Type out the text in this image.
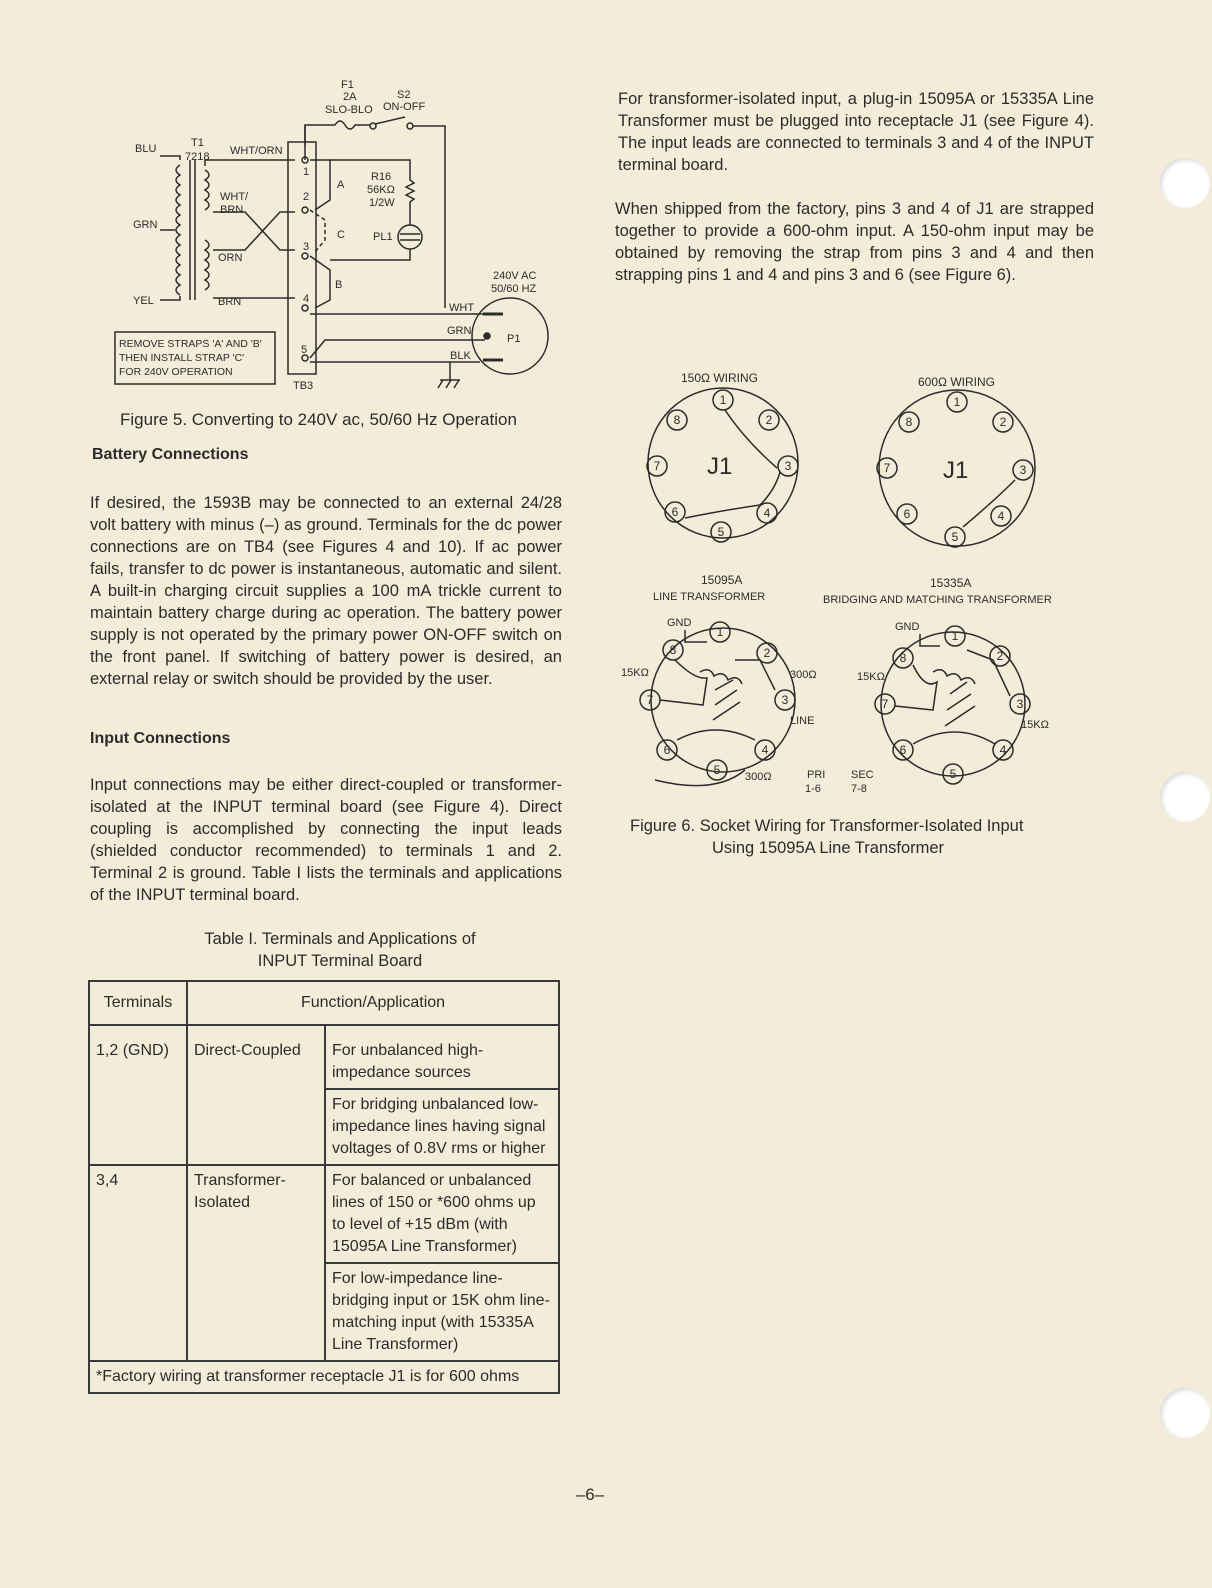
F1
2A
SLO-BLO
S2
ON-OFF
T1
7218
BLU
GRN
YEL
WHT/ORN
WHT/
BRN
ORN
BRN
1
2
3
4
5
A
B
C
R16
56KΩ
1/2W
PL1
240V AC
50/60 HZ
WHT
GRN
BLK
P1
REMOVE STRAPS 'A' AND 'B'
THEN INSTALL STRAP 'C'
FOR 240V OPERATION
TB3
Figure 5. Converting to 240V ac, 50/60 Hz Operation
Battery Connections

If desired, the 1593B may be connected to an external 24/28 volt battery with minus (–) as ground. Terminals for the dc power connections are on TB4 (see Figures 4 and 10). If ac power fails, transfer to dc power is instantaneous, automatic and silent. A built-in charging circuit supplies a 100 mA trickle current to maintain battery charge during ac operation. The battery power supply is not operated by the primary power ON-OFF switch on the front panel. If switching of battery power is desired, an external relay or switch should be provided by the user.

Input Connections

Input connections may be either direct-coupled or transformer-isolated at the INPUT terminal board (see Figure 4). Direct coupling is accomplished by connecting the input leads (shielded conductor recommended) to terminals 1 and 2. Terminal 2 is ground. Table I lists the terminals and applications of the INPUT terminal board.

Table I. Terminals and Applications of
INPUT Terminal Board
Terminals	Function/Application	
1,2 (GND)	Direct-Coupled	For unbalanced high-impedance sources
		For bridging unbalanced low-impedance lines having signal voltages of 0.8V rms or higher
3,4	Transformer-Isolated	For balanced or unbalanced lines of 150 or *600 ohms up to level of +15 dBm (with 15095A Line Transformer)
		For low-impedance line-bridging input or 15K ohm line-matching input (with 15335A Line Transformer)
*Factory wiring at transformer receptacle J1 is for 600 ohms		

For transformer-isolated input, a plug-in 15095A or 15335A Line Transformer must be plugged into receptacle J1 (see Figure 4). The input leads are connected to terminals 3 and 4 of the INPUT terminal board.

When shipped from the factory, pins 3 and 4 of J1 are strapped together to provide a 600-ohm input. A 150-ohm input may be obtained by removing the strap from pins 3 and 4 and then strapping pins 1 and 4 and pins 3 and 6 (see Figure 6).

150Ω WIRING
J1
1
2
3
4
5
6
7
8
600Ω WIRING
J1
1
2
3
4
5
6
7
8
15095A
LINE TRANSFORMER
GND
15KΩ	300Ω
LINE
300Ω	PRI
1-6
1
2
3
4
5
6
7
8
15335A
BRIDGING AND MATCHING TRANSFORMER
GND
15KΩ
15KΩ
SEC
7-8
1
2
3
4
5
6
7
8
Figure 6. Socket Wiring for Transformer-Isolated Input
Using 15095A Line Transformer
–6–
